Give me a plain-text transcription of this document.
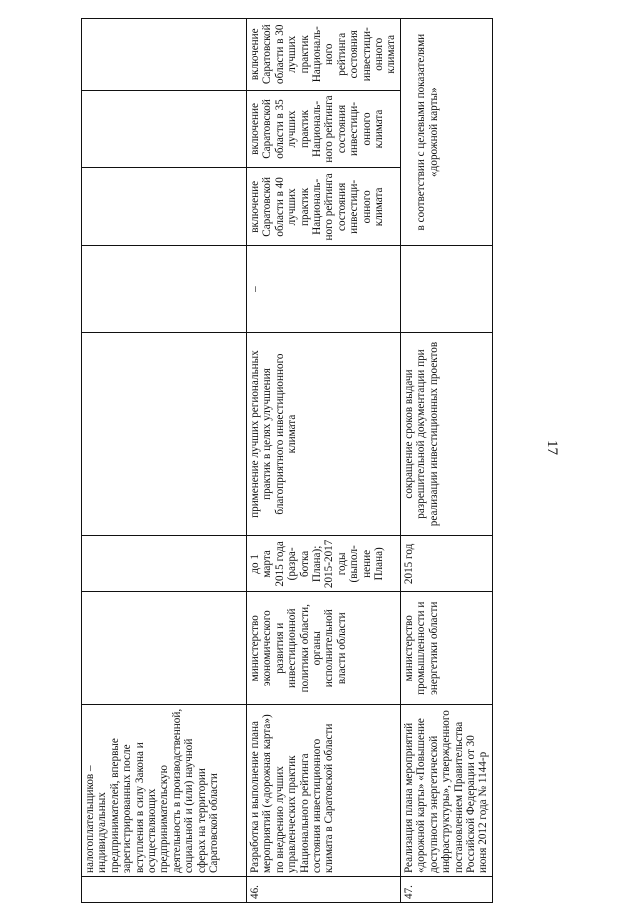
17
	налогоплательщиков – индивидуальных предпринимателей, впервые зарегистрированных после вступления в силу Закона и осуществляющих предпринимательскую деятельность в производственной, социальной и (или) научной сферах на территории Саратовской области							
46.	Разработка и выполнение плана мероприятий («дорожная карта») по внедрению лучших управленческих практик Национального рейтинга состояния инвестиционного климата в Саратовской области	министерство экономического развития и инвестиционной политики области, органы исполнительной власти области	до 1 марта 2015 года (разра-ботка Плана); 2015-2017 годы (выпол-нение Плана)	применение лучших региональных практик в целях улучшения благоприятного инвестиционного климата	–	включение Саратовской области в 40 лучших практик Националь-ного рейтинга состояния инвестици-онного климата	включение Саратовской области в 35 лучших практик Националь-ного рейтинга состояния инвестици-онного климата	включение Саратовской области в 30 лучших практик Националь-ного рейтинга состояния инвестици-онного климата
47.	Реализация плана мероприятий «дорожной карты» «Повышение доступности энергетической инфраструктуры», утвержденного постановлением Правительства Российской Федерации от 30 июня 2012 года № 1144-р	министерство промышленности и энергетики области	2015 год	сокращение сроков выдачи разрешительной документации при реализации инвестиционных проектов		в соответствии с целевыми показателями «дорожной карты»		
